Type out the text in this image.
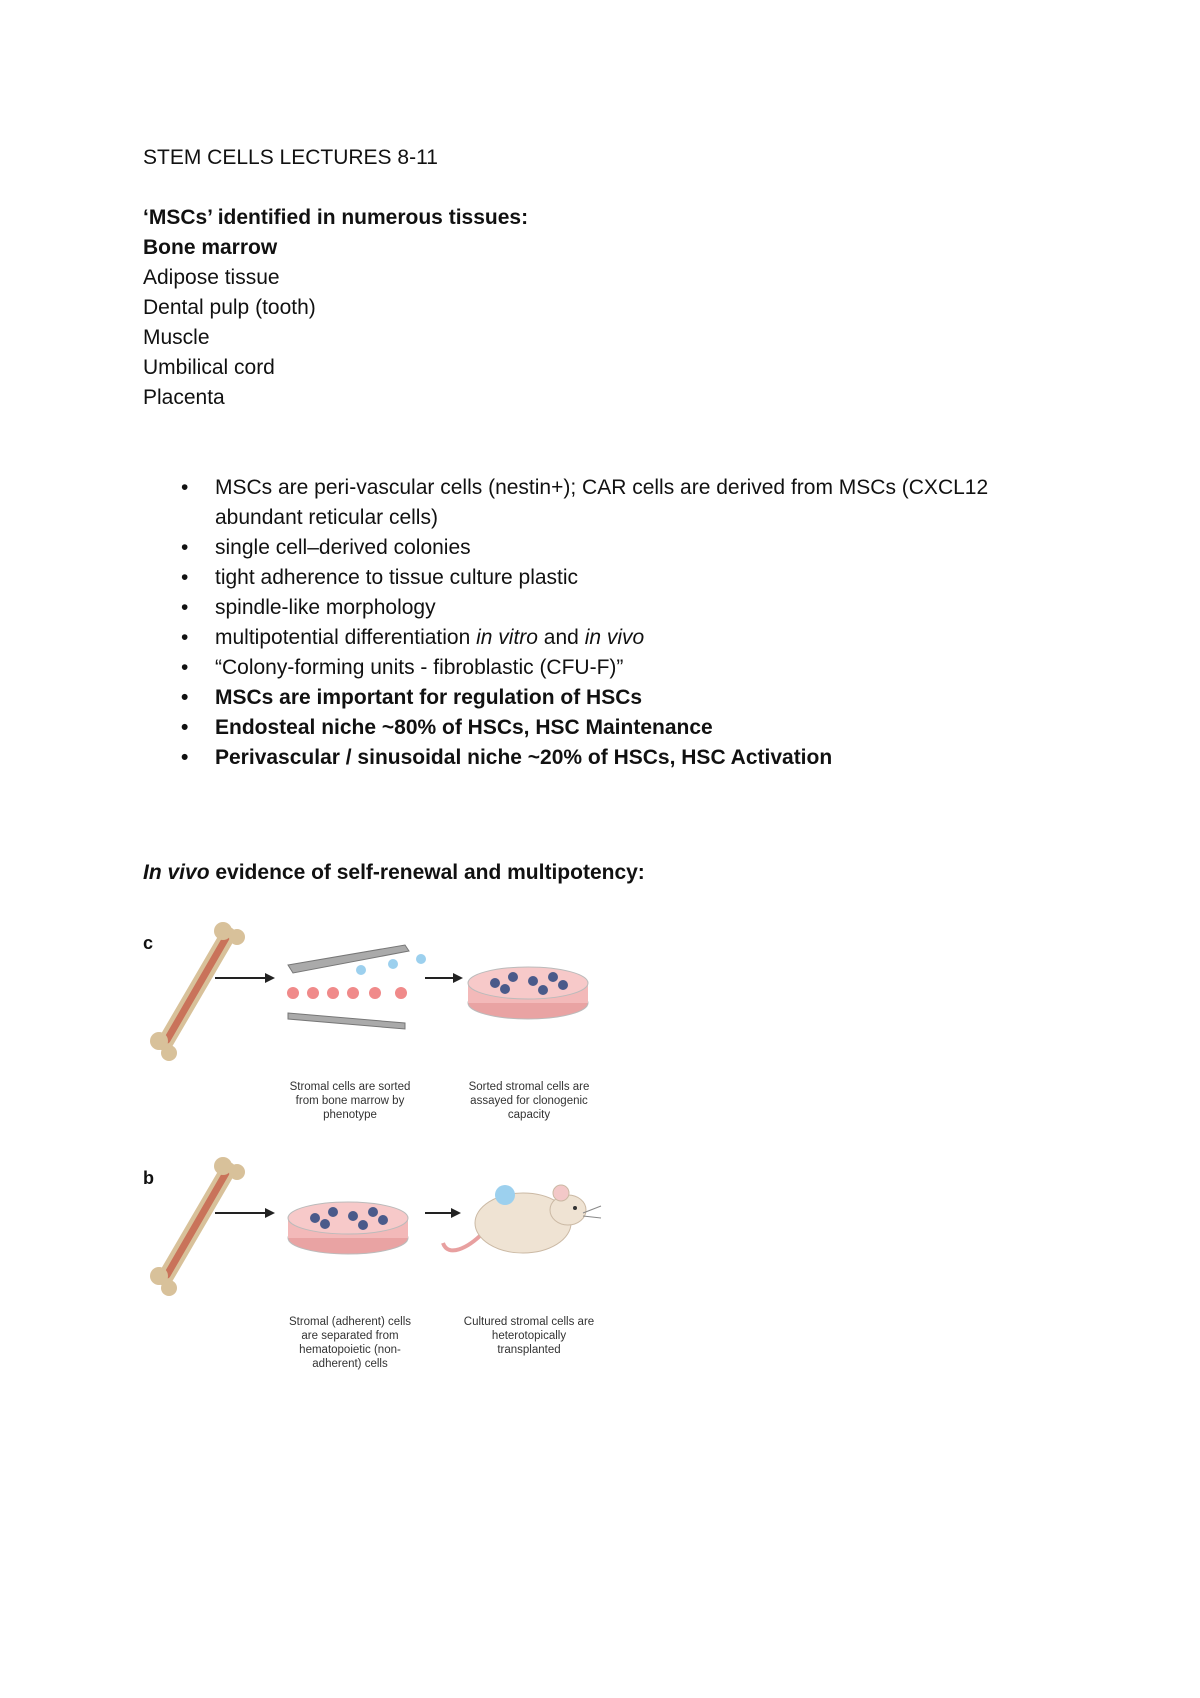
STEM CELLS LECTURES 8-11
‘MSCs’ identified in numerous tissues:
Bone marrow
Adipose tissue
Dental pulp (tooth)
Muscle
Umbilical cord
Placenta
• MSCs are peri-vascular cells (nestin+); CAR cells are derived from MSCs (CXCL12 abundant reticular cells)
• single cell–derived colonies
• tight adherence to tissue culture plastic
• spindle-like morphology
• multipotential differentiation in vitro and in vivo
• “Colony-forming units - fibroblastic (CFU-F)”
• MSCs are important for regulation of HSCs
• Endosteal niche ~80% of HSCs, HSC Maintenance
• Perivascular / sinusoidal niche ~20% of HSCs, HSC Activation
In vivo evidence of self-renewal and multipotency:
c
Stromal cells are sorted from bone marrow by phenotype
Sorted stromal cells are assayed for clonogenic capacity
b
Stromal (adherent) cells are separated from hematopoietic (non-adherent) cells
Cultured stromal cells are heterotopically transplanted
